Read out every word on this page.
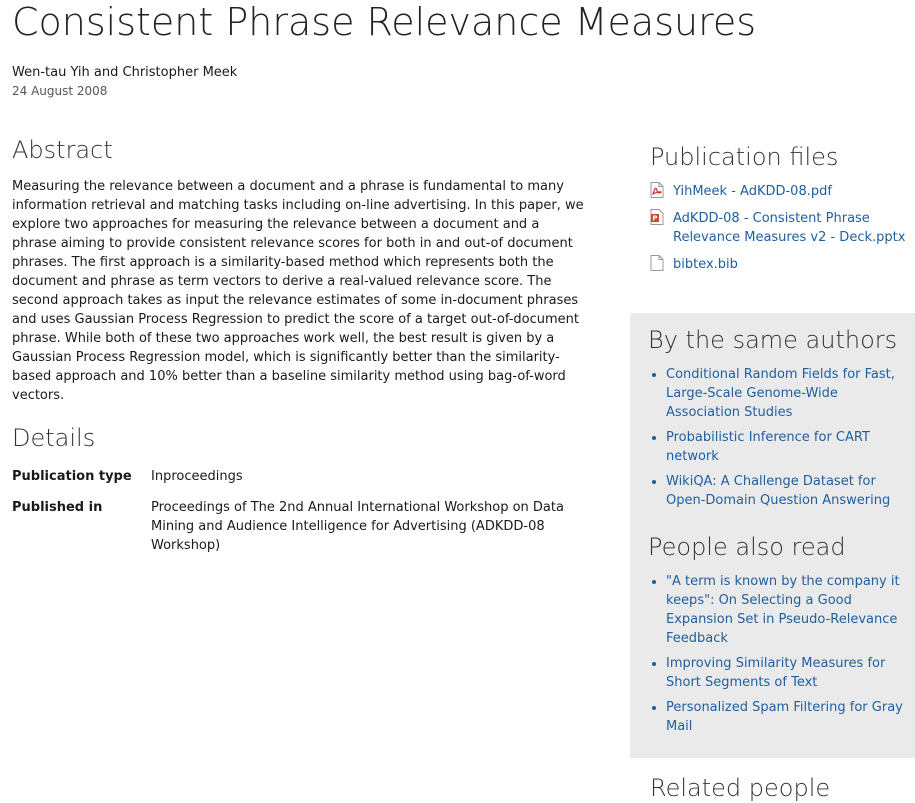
Consistent Phrase Relevance Measures
Wen-tau Yih and Christopher Meek
24 August 2008
Abstract

Measuring the relevance between a document and a phrase is fundamental to many information retrieval and matching tasks including on-line advertising. In this paper, we explore two approaches for measuring the relevance between a document and a phrase aiming to provide consistent relevance scores for both in and out-of document phrases. The first approach is a similarity-based method which represents both the document and phrase as term vectors to derive a real-valued relevance score. The second approach takes as input the relevance estimates of some in-document phrases and uses Gaussian Process Regression to predict the score of a target out-of-document phrase. While both of these two approaches work well, the best result is given by a Gaussian Process Regression model, which is significantly better than the similarity-based approach and 10% better than a baseline similarity method using bag-of-word vectors.

Details
Publication type	Inproceedings
Published in	Proceedings of The 2nd Annual International Workshop on Data Mining and Audience Intelligence for Advertising (ADKDD-08 Workshop)
Publication files
YihMeek - AdKDD-08.pdf
P AdKDD-08 - Consistent Phrase Relevance Measures v2 - Deck.pptx
bibtex.bib
By the same authors
• Conditional Random Fields for Fast, Large-Scale Genome-Wide Association Studies
• Probabilistic Inference for CART network
• WikiQA: A Challenge Dataset for Open-Domain Question Answering
People also read
• "A term is known by the company it keeps": On Selecting a Good Expansion Set in Pseudo-Relevance Feedback
• Improving Similarity Measures for Short Segments of Text
• Personalized Spam Filtering for Gray Mail
Related people
